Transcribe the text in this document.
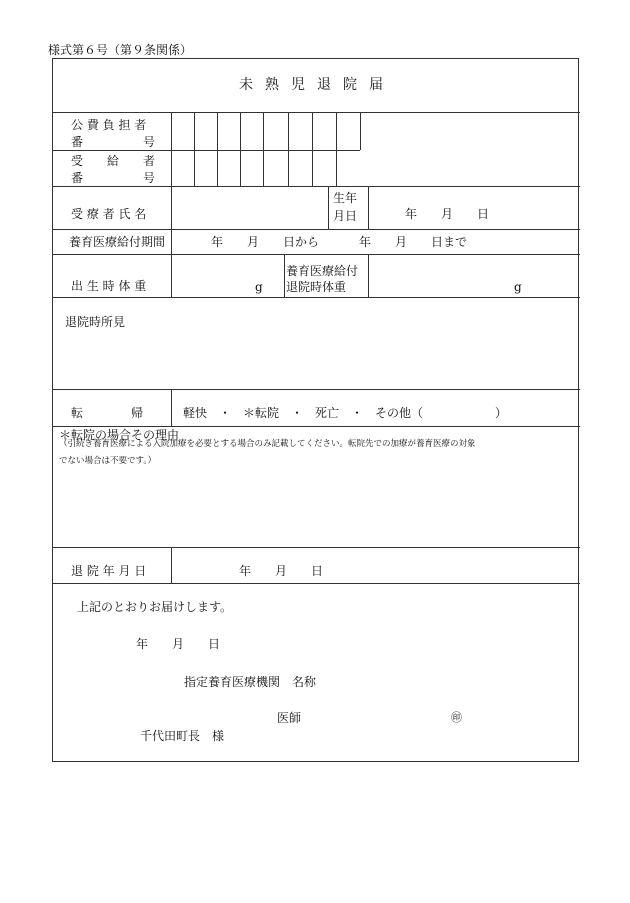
様式第６号（第９条関係）
未熟児退院届
公 費 負 担 者
番　　　　　号
受　　給　　者
番　　　　　号
受 療 者 氏 名
生年
月日	年　　月　　日
養育医療給付期間	年　　月　　日から	年　　月　　日まで
出 生 時 体 重	g
養育医療給付
退院時体重	g
退院時所見
転　　　　帰	軽快　・　＊転院　・　死亡　・　その他（　　　　　　）
＊転院の場合その理由
（引続き養育医療による入院加療を必要とする場合のみ記載してください。転院先での加療が養育医療の対象
でない場合は不要です。）
退 院 年 月 日	年　　月　　日
上記のとおりお届けします。
年　　月　　日
指定養育医療機関　名称
医師	㊞
千代田町長　様
